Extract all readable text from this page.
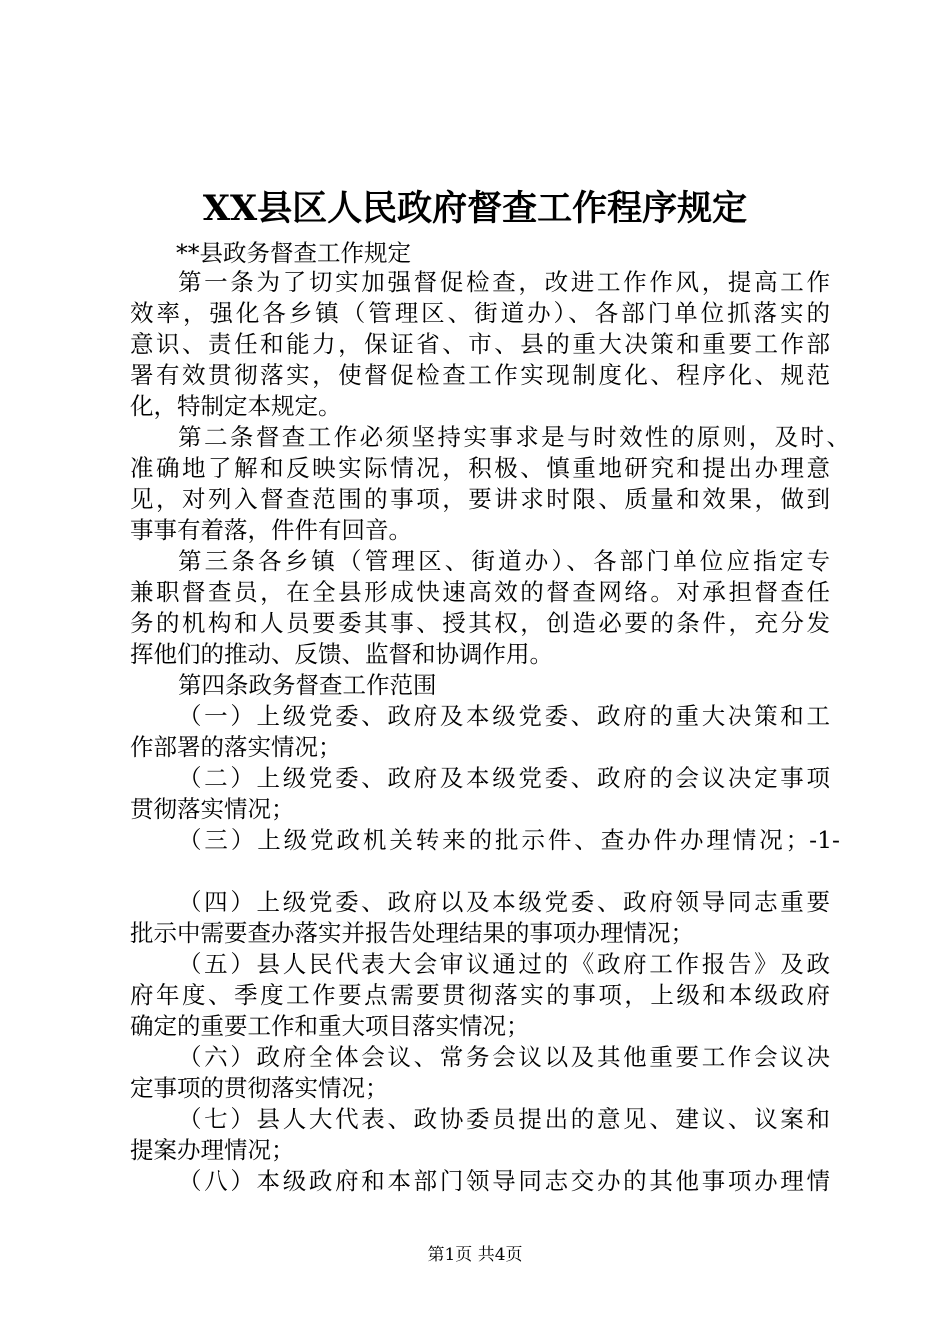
XX县区人民政府督查工作程序规定
**县政务督查工作规定
第一条为了切实加强督促检查，改进工作作风，提高工作
效率，强化各乡镇（管理区、街道办）、各部门单位抓落实的
意识、责任和能力，保证省、市、县的重大决策和重要工作部
署有效贯彻落实，使督促检查工作实现制度化、程序化、规范
化，特制定本规定。
第二条督查工作必须坚持实事求是与时效性的原则，及时、
准确地了解和反映实际情况，积极、慎重地研究和提出办理意
见，对列入督查范围的事项，要讲求时限、质量和效果，做到
事事有着落，件件有回音。
第三条各乡镇（管理区、街道办）、各部门单位应指定专
兼职督查员，在全县形成快速高效的督查网络。对承担督查任
务的机构和人员要委其事、授其权，创造必要的条件，充分发
挥他们的推动、反馈、监督和协调作用。
第四条政务督查工作范围
（一）上级党委、政府及本级党委、政府的重大决策和工
作部署的落实情况；
（二）上级党委、政府及本级党委、政府的会议决定事项
贯彻落实情况；
（三）上级党政机关转来的批示件、查办件办理情况；-1-
（四）上级党委、政府以及本级党委、政府领导同志重要
批示中需要查办落实并报告处理结果的事项办理情况；
（五）县人民代表大会审议通过的《政府工作报告》及政
府年度、季度工作要点需要贯彻落实的事项，上级和本级政府
确定的重要工作和重大项目落实情况；
（六）政府全体会议、常务会议以及其他重要工作会议决
定事项的贯彻落实情况；
（七）县人大代表、政协委员提出的意见、建议、议案和
提案办理情况；
（八）本级政府和本部门领导同志交办的其他事项办理情
第1页 共4页
